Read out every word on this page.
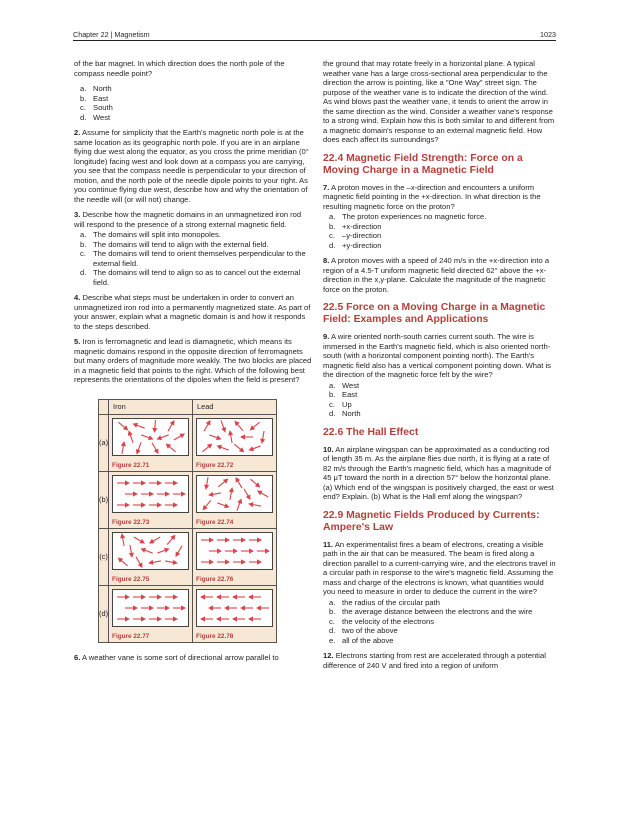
Chapter 22 | Magnetism	1023

of the bar magnet. In which direction does the north pole of the compass needle point?

a. North
b. East
c. South
d. West

2. Assume for simplicity that the Earth's magnetic north pole is at the same location as its geographic north pole. If you are in an airplane flying due west along the equator, as you cross the prime meridian (0° longitude) facing west and look down at a compass you are carrying, you see that the compass needle is perpendicular to your direction of motion, and the north pole of the needle dipole points to your right. As you continue flying due west, describe how and why the orientation of the needle will (or will not) change.

3. Describe how the magnetic domains in an unmagnetized iron rod will respond to the presence of a strong external magnetic field.

a. The domains will split into monopoles.
b. The domains will tend to align with the external field.
c. The domains will tend to orient themselves perpendicular to the external field.
d. The domains will tend to align so as to cancel out the external field.

4. Describe what steps must be undertaken in order to convert an unmagnetized iron rod into a permanently magnetized state. As part of your answer, explain what a magnetic domain is and how it responds to the steps described.

5. Iron is ferromagnetic and lead is diamagnetic, which means its magnetic domains respond in the opposite direction of ferromagnets but many orders of magnitude more weakly. The two blocks are placed in a magnetic field that points to the right. Which of the following best represents the orientations of the dipoles when the field is present?

	Iron	Lead
(a)	Figure 22.71	Figure 22.72

(b)	Figure 22.73	Figure 22.74

(c)	Figure 22.75	Figure 22.76

(d)	Figure 22.77	Figure 22.78

6. A weather vane is some sort of directional arrow parallel to

the ground that may rotate freely in a horizontal plane. A typical weather vane has a large cross-sectional area perpendicular to the direction the arrow is pointing, like a "One Way" street sign. The purpose of the weather vane is to indicate the direction of the wind. As wind blows past the weather vane, it tends to orient the arrow in the same direction as the wind. Consider a weather vane's response to a strong wind. Explain how this is both similar to and different from a magnetic domain's response to an external magnetic field. How does each affect its surroundings?

22.4 Magnetic Field Strength: Force on a Moving Charge in a Magnetic Field

7. A proton moves in the –x-direction and encounters a uniform magnetic field pointing in the +x-direction. In what direction is the resulting magnetic force on the proton?

a. The proton experiences no magnetic force.
b. +x-direction
c. –y-direction
d. +y-direction

8. A proton moves with a speed of 240 m/s in the +x-direction into a region of a 4.5-T uniform magnetic field directed 62° above the +x-direction in the x,y-plane. Calculate the magnitude of the magnetic force on the proton.

22.5 Force on a Moving Charge in a Magnetic Field: Examples and Applications

9. A wire oriented north-south carries current south. The wire is immersed in the Earth's magnetic field, which is also oriented north-south (with a horizontal component pointing north). The Earth's magnetic field also has a vertical component pointing down. What is the direction of the magnetic force felt by the wire?

a. West
b. East
c. Up
d. North
22.6 The Hall Effect

10. An airplane wingspan can be approximated as a conducting rod of length 35 m. As the airplane flies due north, it is flying at a rate of 82 m/s through the Earth's magnetic field, which has a magnitude of 45 μT toward the north in a direction 57° below the horizontal plane. (a) Which end of the wingspan is positively charged, the east or west end? Explain. (b) What is the Hall emf along the wingspan?

22.9 Magnetic Fields Produced by Currents: Ampere's Law

11. An experimentalist fires a beam of electrons, creating a visible path in the air that can be measured. The beam is fired along a direction parallel to a current-carrying wire, and the electrons travel in a circular path in response to the wire's magnetic field. Assuming the mass and charge of the electrons is known, what quantities would you need to measure in order to deduce the current in the wire?

a. the radius of the circular path
b. the average distance between the electrons and the wire
c. the velocity of the electrons
d. two of the above
e. all of the above

12. Electrons starting from rest are accelerated through a potential difference of 240 V and fired into a region of uniform
